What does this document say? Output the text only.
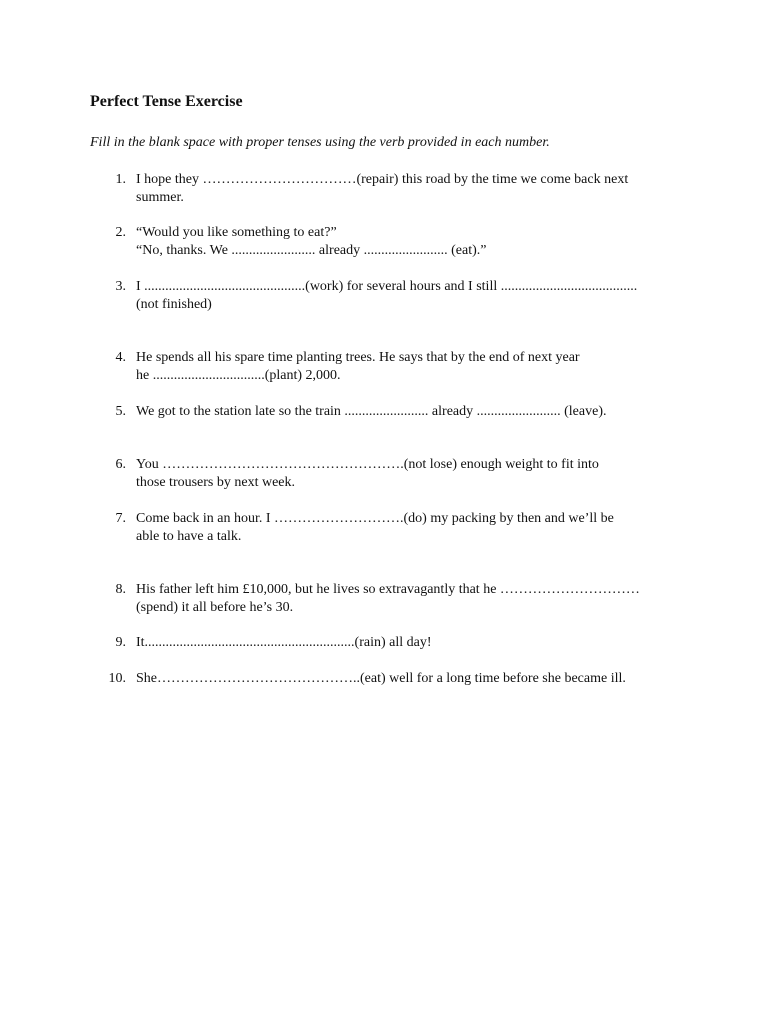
Perfect Tense Exercise
Fill in the blank space with proper tenses using the verb provided in each number.
1. I hope they ……………………………(repair) this road by the time we come back next
summer.
2. “Would you like something to eat?”
“No, thanks. We ........................ already ........................ (eat).”
3. I ..............................................(work) for several hours and I still .......................................
(not finished)
4. He spends all his spare time planting trees. He says that by the end of next year
he ................................(plant) 2,000.
5. We got to the station late so the train ........................ already ........................ (leave).
6. You …………………………………………….(not lose) enough weight to fit into
those trousers by next week.
7. Come back in an hour. I ……………………….(do) my packing by then and we’ll be
able to have a talk.
8. His father left him £10,000, but he lives so extravagantly that he …………………………
(spend) it all before he’s 30.
9. It............................................................(rain) all day!
10. She……………………………………..(eat) well for a long time before she became ill.
